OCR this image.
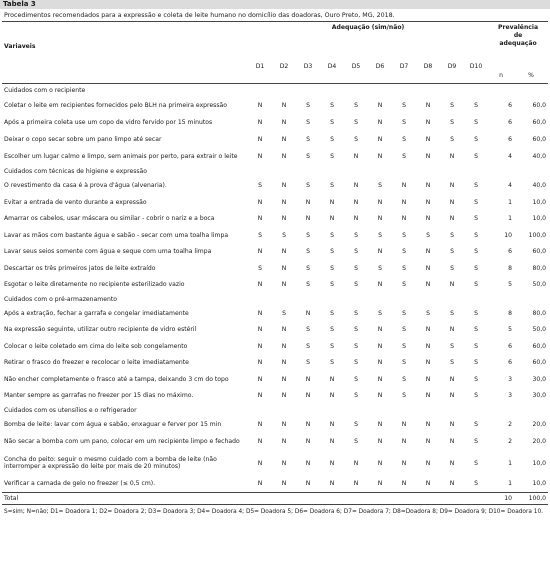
Tabela 3
Procedimentos recomendados para a expressão e coleta de leite humano no domicílio das doadoras, Ouro Preto, MG, 2018.
Variaveis	Adequação (sim/não)										Prevalência
de
adequação	

	D1	D2	D3	D4	D5	D6	D7	D8	D9	D10	n	%

Cuidados com o recipiente												
Coletar o leite em recipientes fornecidos pelo BLH na primeira expressão	N	N	S	S	S	N	S	N	S	S	6	60,0
Após a primeira coleta use um copo de vidro fervido por 15 minutos	N	N	S	S	S	N	S	N	S	S	6	60,0
Deixar o copo secar sobre um pano limpo até secar	N	N	S	S	S	N	S	N	S	S	6	60,0
Escolher um lugar calmo e limpo, sem animais por perto, para extrair o leite	N	N	S	S	N	N	S	N	N	S	4	40,0
Cuidados com técnicas de higiene e expressão												
O revestimento da casa é à prova d'água (alvenaria).	S	N	S	S	N	S	N	N	N	S	4	40,0
Evitar a entrada de vento durante a expressão	N	N	N	N	N	N	N	N	N	S	1	10,0
Amarrar os cabelos, usar máscara ou similar - cobrir o nariz e a boca	N	N	N	N	N	N	N	N	N	S	1	10,0
Lavar as mãos com bastante água e sabão - secar com uma toalha limpa	S	S	S	S	S	S	S	S	S	S	10	100,0
Lavar seus seios somente com água e seque com uma toalha limpa	N	N	S	S	S	N	S	N	S	S	6	60,0
Descartar os três primeiros jatos de leite extraído	S	N	S	S	S	S	S	N	S	S	8	80,0
Esgotar o leite diretamente no recipiente esterilizado vazio	N	N	S	S	S	N	S	N	N	S	5	50,0
Cuidados com o pré-armazenamento												
Após a extração, fechar a garrafa e congelar imediatamente	N	S	N	S	S	S	S	S	S	S	8	80,0
Na expressão seguinte, utilizar outro recipiente de vidro estéril	N	N	S	S	S	N	S	N	N	S	5	50,0
Colocar o leite coletado em cima do leite sob congelamento	N	N	S	S	S	N	S	N	S	S	6	60,0
Retirar o frasco do freezer e recolocar o leite imediatamente	N	N	S	S	S	N	S	N	S	S	6	60,0
Não encher completamente o frasco até a tampa, deixando 3 cm do topo	N	N	N	N	S	N	S	N	N	S	3	30,0
Manter sempre as garrafas no freezer por 15 dias no máximo.	N	N	N	N	S	N	S	N	N	S	3	30,0
Cuidados com os utensílios e o refrigerador												
Bomba de leite: lavar com água e sabão, enxaguar e ferver por 15 min	N	N	N	N	S	N	N	N	N	S	2	20,0
Não secar a bomba com um pano, colocar em um recipiente limpo e fechado	N	N	N	N	S	N	N	N	N	S	2	20,0
Concha do peito: seguir o mesmo cuidado com a bomba de leite (não interromper a expressão do leite por mais de 20 minutos)	N	N	N	N	N	N	N	N	N	S	1	10,0
Verificar a camada de gelo no freezer (≤ 0,5 cm).	N	N	N	N	N	N	N	N	N	S	1	10,0
Total											10	100,0
S=sim; N=não; D1= Doadora 1; D2= Doadora 2; D3= Doadora 3; D4= Doadora 4; D5= Doadora 5; D6= Doadora 6; D7= Doadora 7; D8=Doadora 8; D9= Doadora 9; D10= Doadora 10.
